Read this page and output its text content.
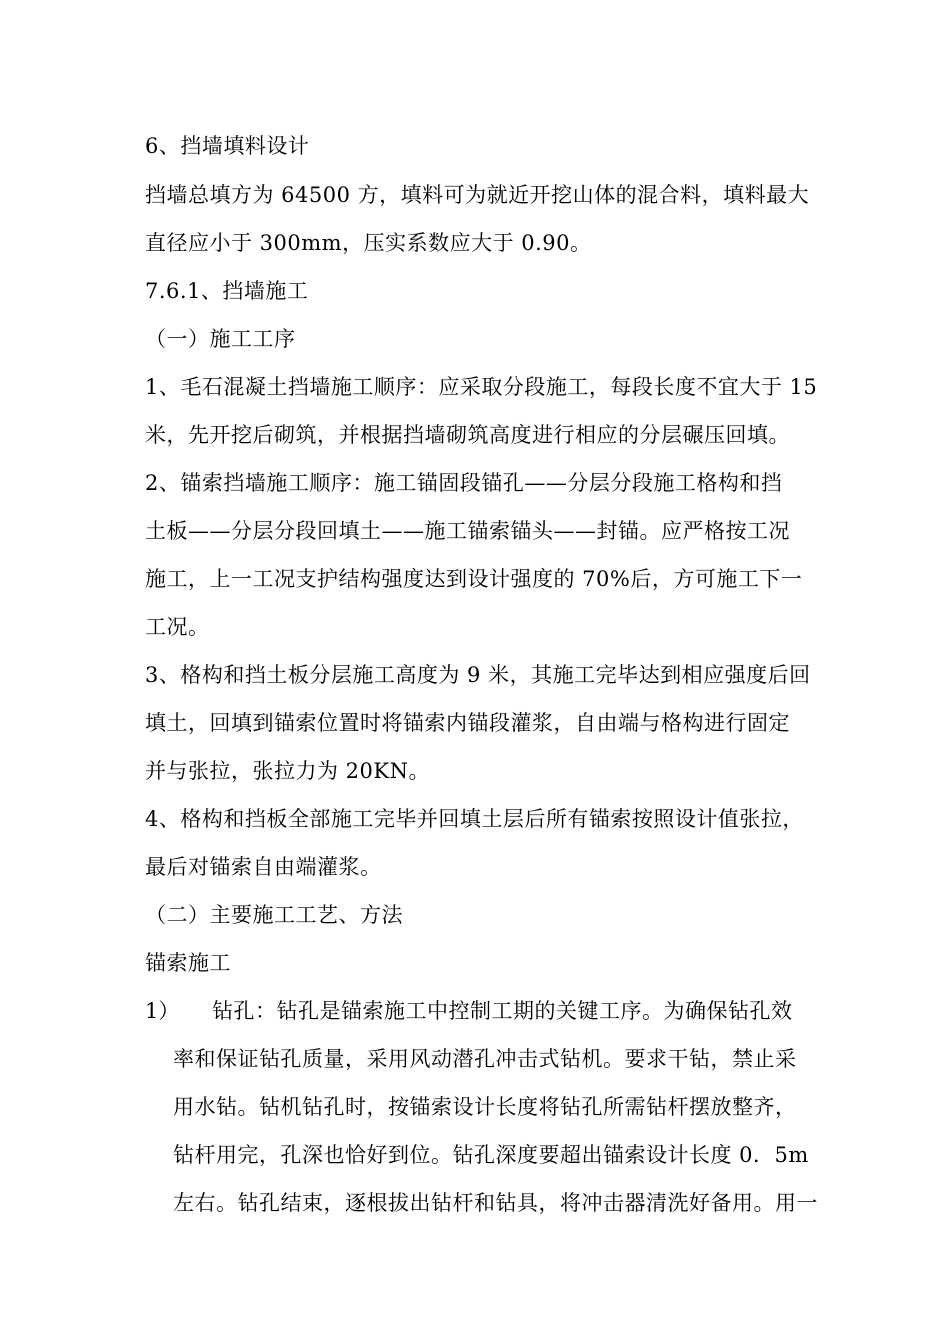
6、挡墙填料设计
挡墙总填方为 64500 方，填料可为就近开挖山体的混合料，填料最大
直径应小于 300mm，压实系数应大于 0.90。
7.6.1、挡墙施工
（一）施工工序
1、毛石混凝土挡墙施工顺序：应采取分段施工，每段长度不宜大于 15
米，先开挖后砌筑，并根据挡墙砌筑高度进行相应的分层碾压回填。
2、锚索挡墙施工顺序：施工锚固段锚孔——分层分段施工格构和挡
土板——分层分段回填土——施工锚索锚头——封锚。应严格按工况
施工，上一工况支护结构强度达到设计强度的 70%后，方可施工下一
工况。
3、格构和挡土板分层施工高度为 9 米，其施工完毕达到相应强度后回
填土，回填到锚索位置时将锚索内锚段灌浆，自由端与格构进行固定
并与张拉，张拉力为 20KN。
4、格构和挡板全部施工完毕并回填土层后所有锚索按照设计值张拉，
最后对锚索自由端灌浆。
（二）主要施工工艺、方法
锚索施工
1） 钻孔：钻孔是锚索施工中控制工期的关键工序。为确保钻孔效
率和保证钻孔质量，采用风动潜孔冲击式钻机。要求干钻，禁止采
用水钻。钻机钻孔时，按锚索设计长度将钻孔所需钻杆摆放整齐，
钻杆用完，孔深也恰好到位。钻孔深度要超出锚索设计长度 0．5m
左右。钻孔结束，逐根拔出钻杆和钻具，将冲击器清洗好备用。用一
